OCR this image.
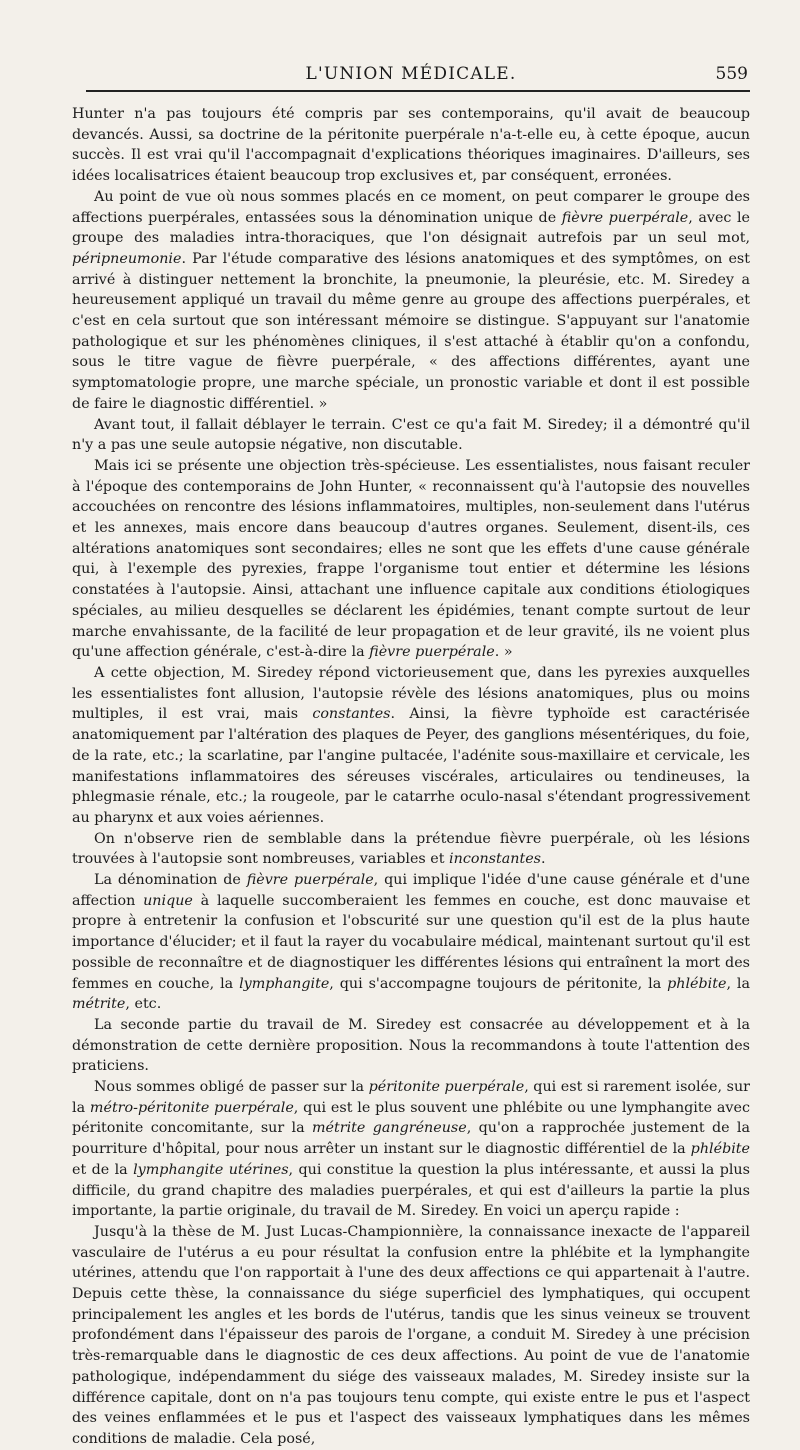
L'UNION MÉDICALE.	559

Hunter n'a pas toujours été compris par ses contemporains, qu'il avait de beaucoup devancés. Aussi, sa doctrine de la péritonite puerpérale n'a-t-elle eu, à cette époque, aucun succès. Il est vrai qu'il l'accompagnait d'explications théoriques imaginaires. D'ailleurs, ses idées localisatrices étaient beaucoup trop exclusives et, par conséquent, erronées.

Au point de vue où nous sommes placés en ce moment, on peut comparer le groupe des affections puerpérales, entassées sous la dénomination unique de fièvre puerpérale, avec le groupe des maladies intra-thoraciques, que l'on désignait autrefois par un seul mot, péripneumonie. Par l'étude comparative des lésions anatomiques et des symptômes, on est arrivé à distinguer nettement la bronchite, la pneumonie, la pleurésie, etc. M. Siredey a heureusement appliqué un travail du même genre au groupe des affections puerpérales, et c'est en cela surtout que son intéressant mémoire se distingue. S'appuyant sur l'anatomie pathologique et sur les phénomènes cliniques, il s'est attaché à établir qu'on a confondu, sous le titre vague de fièvre puerpérale, « des affections différentes, ayant une symptomatologie propre, une marche spéciale, un pronostic variable et dont il est possible de faire le diagnostic différentiel. »

Avant tout, il fallait déblayer le terrain. C'est ce qu'a fait M. Siredey; il a démontré qu'il n'y a pas une seule autopsie négative, non discutable.

Mais ici se présente une objection très-spécieuse. Les essentialistes, nous faisant reculer à l'époque des contemporains de John Hunter, « reconnaissent qu'à l'autopsie des nouvelles accouchées on rencontre des lésions inflammatoires, multiples, non-seulement dans l'utérus et les annexes, mais encore dans beaucoup d'autres organes. Seulement, disent-ils, ces altérations anatomiques sont secondaires; elles ne sont que les effets d'une cause générale qui, à l'exemple des pyrexies, frappe l'organisme tout entier et détermine les lésions constatées à l'autopsie. Ainsi, attachant une influence capitale aux conditions étiologiques spéciales, au milieu desquelles se déclarent les épidémies, tenant compte surtout de leur marche envahissante, de la facilité de leur propagation et de leur gravité, ils ne voient plus qu'une affection générale, c'est-à-dire la fièvre puerpérale. »

A cette objection, M. Siredey répond victorieusement que, dans les pyrexies auxquelles les essentialistes font allusion, l'autopsie révèle des lésions anatomiques, plus ou moins multiples, il est vrai, mais constantes. Ainsi, la fièvre typhoïde est caractérisée anatomiquement par l'altération des plaques de Peyer, des ganglions mésentériques, du foie, de la rate, etc.; la scarlatine, par l'angine pultacée, l'adénite sous-maxillaire et cervicale, les manifestations inflammatoires des séreuses viscérales, articulaires ou tendineuses, la phlegmasie rénale, etc.; la rougeole, par le catarrhe oculo-nasal s'étendant progressivement au pharynx et aux voies aériennes.

On n'observe rien de semblable dans la prétendue fièvre puerpérale, où les lésions trouvées à l'autopsie sont nombreuses, variables et inconstantes.

La dénomination de fièvre puerpérale, qui implique l'idée d'une cause générale et d'une affection unique à laquelle succomberaient les femmes en couche, est donc mauvaise et propre à entretenir la confusion et l'obscurité sur une question qu'il est de la plus haute importance d'élucider; et il faut la rayer du vocabulaire médical, maintenant surtout qu'il est possible de reconnaître et de diagnostiquer les différentes lésions qui entraînent la mort des femmes en couche, la lymphangite, qui s'accompagne toujours de péritonite, la phlébite, la métrite, etc.

La seconde partie du travail de M. Siredey est consacrée au développement et à la démonstration de cette dernière proposition. Nous la recommandons à toute l'attention des praticiens.

Nous sommes obligé de passer sur la péritonite puerpérale, qui est si rarement isolée, sur la métro-péritonite puerpérale, qui est le plus souvent une phlébite ou une lymphangite avec péritonite concomitante, sur la métrite gangréneuse, qu'on a rapprochée justement de la pourriture d'hôpital, pour nous arrêter un instant sur le diagnostic différentiel de la phlébite et de la lymphangite utérines, qui constitue la question la plus intéressante, et aussi la plus difficile, du grand chapitre des maladies puerpérales, et qui est d'ailleurs la partie la plus importante, la partie originale, du travail de M. Siredey. En voici un aperçu rapide :

Jusqu'à la thèse de M. Just Lucas-Championnière, la connaissance inexacte de l'appareil vasculaire de l'utérus a eu pour résultat la confusion entre la phlébite et la lymphangite utérines, attendu que l'on rapportait à l'une des deux affections ce qui appartenait à l'autre. Depuis cette thèse, la connaissance du siége superficiel des lymphatiques, qui occupent principalement les angles et les bords de l'utérus, tandis que les sinus veineux se trouvent profondément dans l'épaisseur des parois de l'organe, a conduit M. Siredey à une précision très-remarquable dans le diagnostic de ces deux affections. Au point de vue de l'anatomie pathologique, indépendamment du siége des vaisseaux malades, M. Siredey insiste sur la différence capitale, dont on n'a pas toujours tenu compte, qui existe entre le pus et l'aspect des veines enflammées et le pus et l'aspect des vaisseaux lymphatiques dans les mêmes conditions de maladie. Cela posé,
